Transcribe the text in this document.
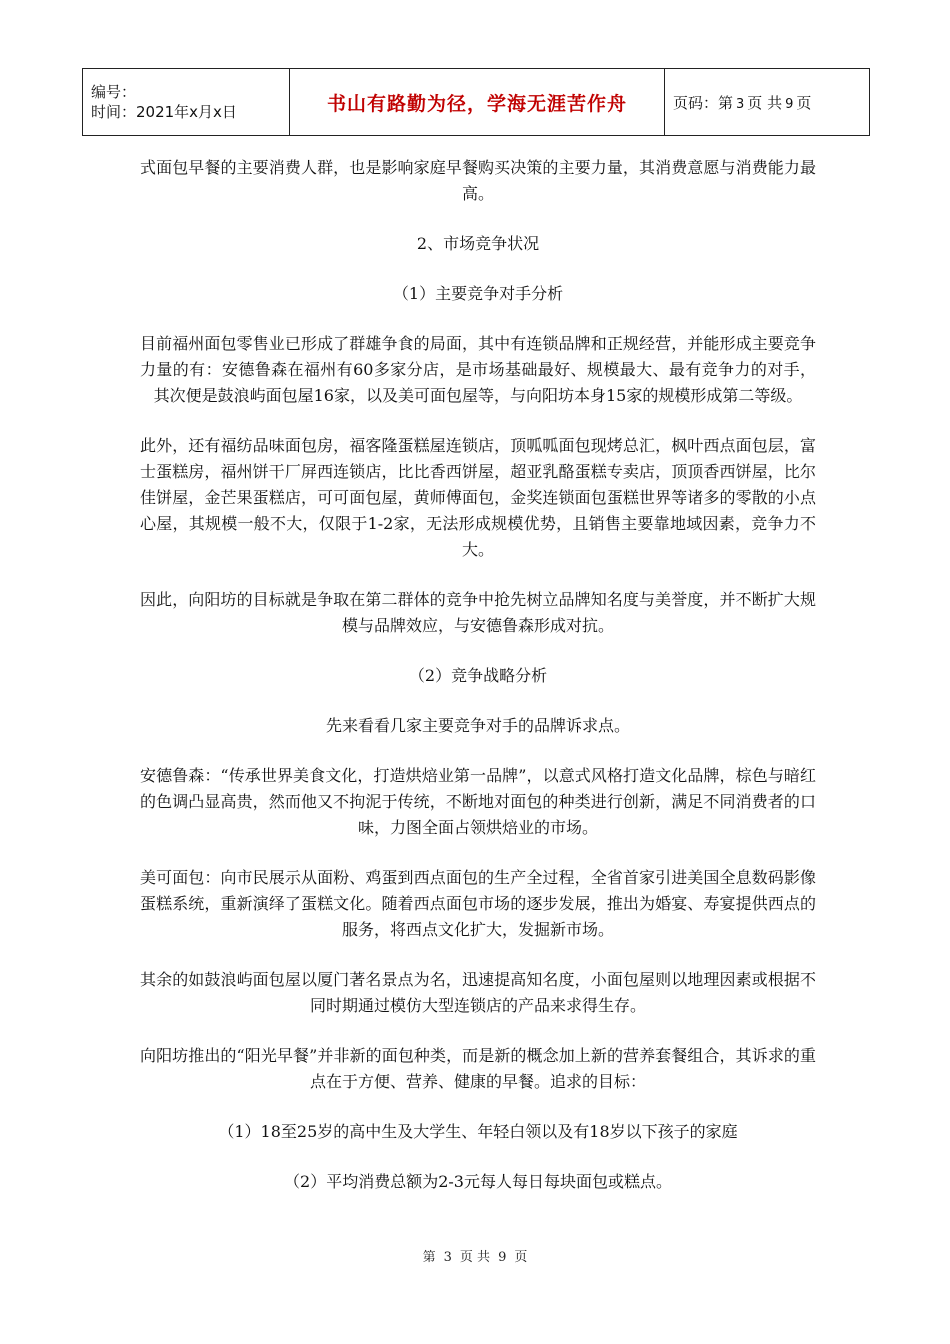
编号：
时间：2021年x月x日	书山有路勤为径，学海无涯苦作舟	页码：第 3 页 共 9 页

式面包早餐的主要消费人群，也是影响家庭早餐购买决策的主要力量，其消费意愿与消费能力最高。

2、市场竞争状况

（1）主要竞争对手分析

目前福州面包零售业已形成了群雄争食的局面，其中有连锁品牌和正规经营，并能形成主要竞争力量的有：安德鲁森在福州有60多家分店，是市场基础最好、规模最大、最有竞争力的对手，其次便是鼓浪屿面包屋16家，以及美可面包屋等，与向阳坊本身15家的规模形成第二等级。

此外，还有福纺品味面包房，福客隆蛋糕屋连锁店，顶呱呱面包现烤总汇，枫叶西点面包层，富士蛋糕房，福州饼干厂屏西连锁店，比比香西饼屋，超亚乳酪蛋糕专卖店，顶顶香西饼屋，比尔佳饼屋，金芒果蛋糕店，可可面包屋，黄师傅面包，金奖连锁面包蛋糕世界等诸多的零散的小点心屋，其规模一般不大，仅限于1-2家，无法形成规模优势，且销售主要靠地域因素，竞争力不大。

因此，向阳坊的目标就是争取在第二群体的竞争中抢先树立品牌知名度与美誉度，并不断扩大规模与品牌效应，与安德鲁森形成对抗。

（2）竞争战略分析

先来看看几家主要竞争对手的品牌诉求点。

安德鲁森：“传承世界美食文化，打造烘焙业第一品牌”，以意式风格打造文化品牌，棕色与暗红的色调凸显高贵，然而他又不拘泥于传统，不断地对面包的种类进行创新，满足不同消费者的口味，力图全面占领烘焙业的市场。

美可面包：向市民展示从面粉、鸡蛋到西点面包的生产全过程，全省首家引进美国全息数码影像蛋糕系统，重新演绎了蛋糕文化。随着西点面包市场的逐步发展，推出为婚宴、寿宴提供西点的服务，将西点文化扩大，发掘新市场。

其余的如鼓浪屿面包屋以厦门著名景点为名，迅速提高知名度，小面包屋则以地理因素或根据不同时期通过模仿大型连锁店的产品来求得生存。

向阳坊推出的“阳光早餐”并非新的面包种类，而是新的概念加上新的营养套餐组合，其诉求的重点在于方便、营养、健康的早餐。追求的目标：

（1）18至25岁的高中生及大学生、年轻白领以及有18岁以下孩子的家庭

（2）平均消费总额为2-3元每人每日每块面包或糕点。

第 3 页 共 9 页
